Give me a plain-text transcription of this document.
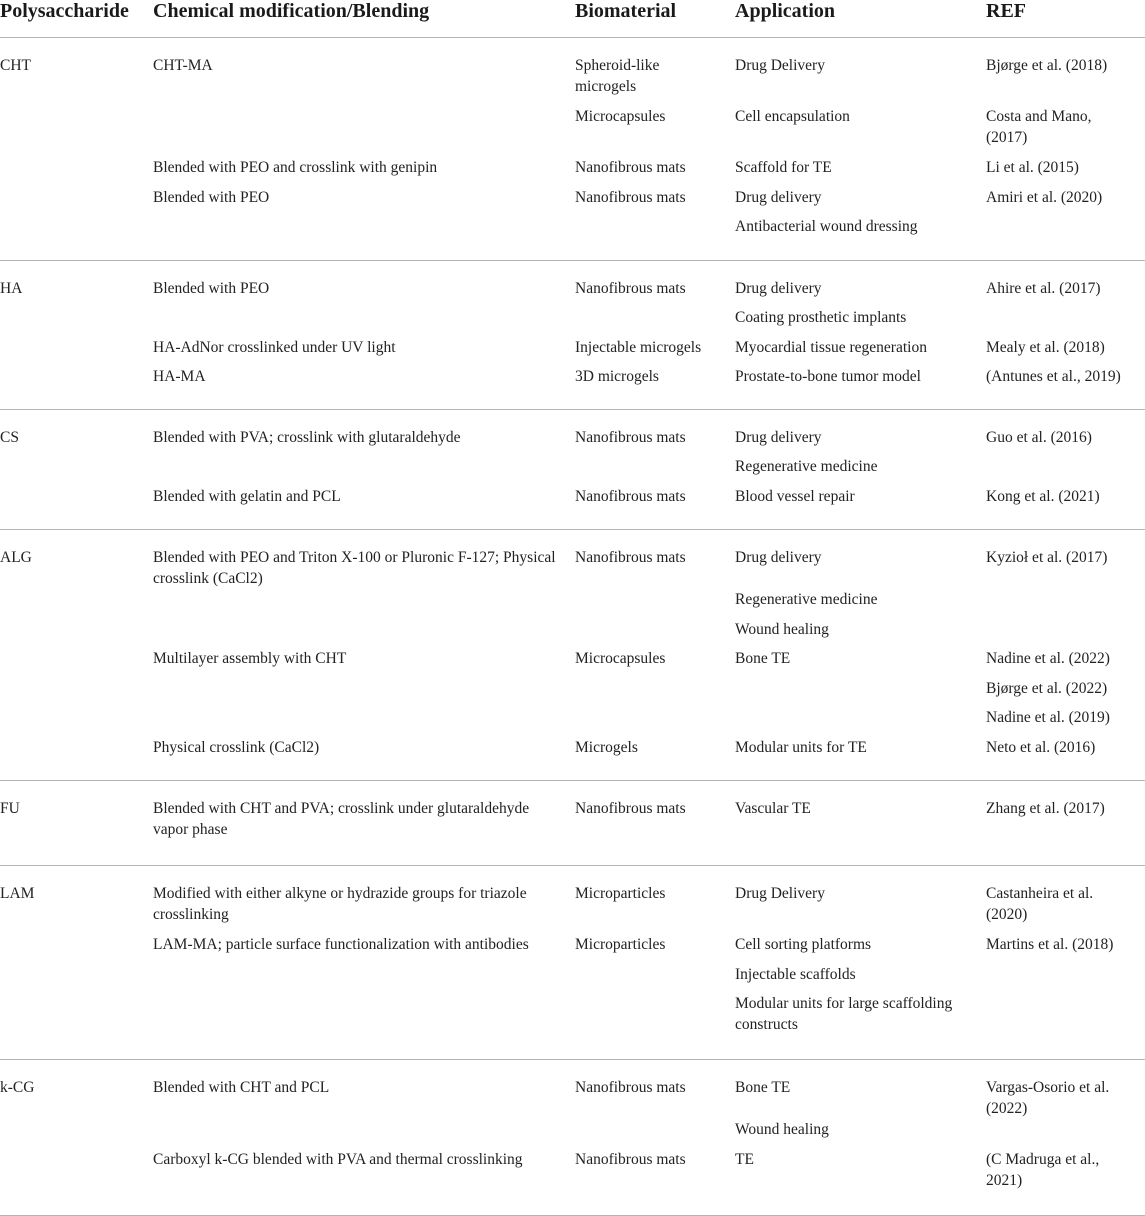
Polysaccharide	Chemical modification/Blending	Biomaterial	Application	REF
CHT	CHT-MA	Spheroid-like microgels	Drug Delivery	Bjørge et al. (2018)
		Microcapsules	Cell encapsulation	Costa and Mano, (2017)
	Blended with PEO and crosslink with genipin	Nanofibrous mats	Scaffold for TE	Li et al. (2015)
	Blended with PEO	Nanofibrous mats	Drug delivery	Amiri et al. (2020)
			Antibacterial wound dressing	
HA	Blended with PEO	Nanofibrous mats	Drug delivery	Ahire et al. (2017)
			Coating prosthetic implants	
	HA-AdNor crosslinked under UV light	Injectable microgels	Myocardial tissue regeneration	Mealy et al. (2018)
	HA-MA	3D microgels	Prostate-to-bone tumor model	(Antunes et al., 2019)
CS	Blended with PVA; crosslink with glutaraldehyde	Nanofibrous mats	Drug delivery	Guo et al. (2016)
			Regenerative medicine	
	Blended with gelatin and PCL	Nanofibrous mats	Blood vessel repair	Kong et al. (2021)
ALG	Blended with PEO and Triton X-100 or Pluronic F-127; Physical crosslink (CaCl2)	Nanofibrous mats	Drug delivery	Kyzioł et al. (2017)
			Regenerative medicine	
			Wound healing	
	Multilayer assembly with CHT	Microcapsules	Bone TE	Nadine et al. (2022)
				Bjørge et al. (2022)
				Nadine et al. (2019)
	Physical crosslink (CaCl2)	Microgels	Modular units for TE	Neto et al. (2016)
FU	Blended with CHT and PVA; crosslink under glutaraldehyde vapor phase	Nanofibrous mats	Vascular TE	Zhang et al. (2017)
LAM	Modified with either alkyne or hydrazide groups for triazole crosslinking	Microparticles	Drug Delivery	Castanheira et al. (2020)
	LAM-MA; particle surface functionalization with antibodies	Microparticles	Cell sorting platforms	Martins et al. (2018)
			Injectable scaffolds	
			Modular units for large scaffolding constructs	
k-CG	Blended with CHT and PCL	Nanofibrous mats	Bone TE	Vargas-Osorio et al. (2022)
			Wound healing	
	Carboxyl k-CG blended with PVA and thermal crosslinking	Nanofibrous mats	TE	(C Madruga et al., 2021)
